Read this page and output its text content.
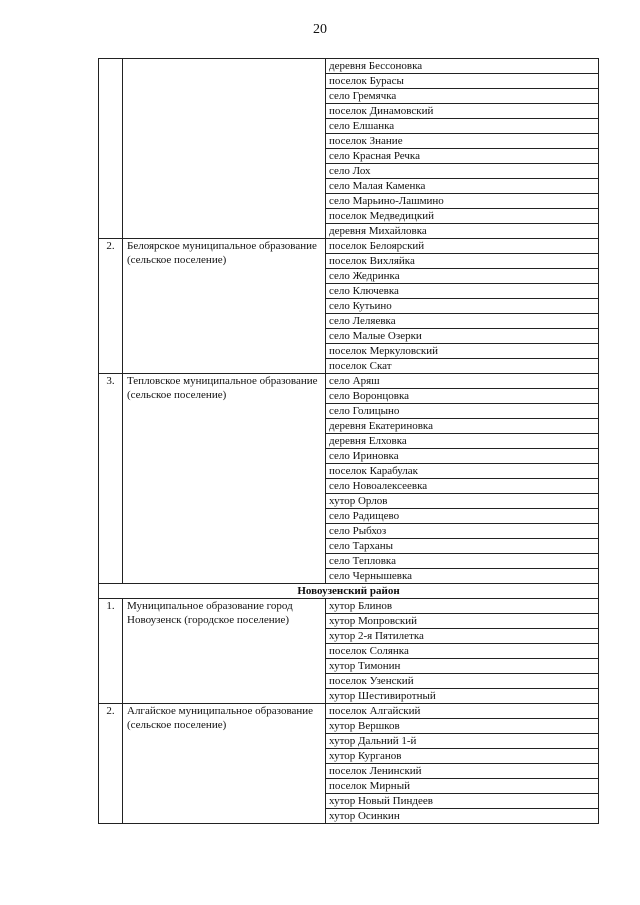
20
		деревня Бессоновка
		поселок Бурасы
		село Гремячка
		поселок Динамовский
		село Елшанка
		поселок Знание
		село Красная Речка
		село Лох
		село Малая Каменка
		село Марьино-Лашмино
		поселок Медведицкий
		деревня Михайловка
2.	Белоярское муниципальное образование (сельское поселение)	поселок Белоярский
		поселок Вихляйка
		село Жедринка
		село Ключевка
		село Кутьино
		село Леляевка
		село Малые Озерки
		поселок Меркуловский
		поселок Скат
3.	Тепловское муниципальное образование (сельское поселение)	село Аряш
		село Воронцовка
		село Голицыно
		деревня Екатериновка
		деревня Елховка
		село Ириновка
		поселок Карабулак
		село Новоалексеевка
		хутор Орлов
		село Радищево
		село Рыбхоз
		село Тарханы
		село Тепловка
		село Чернышевка
Новоузенский район		
1.	Муниципальное образование город Новоузенск (городское поселение)	хутор Блинов
		хутор Мопровский
		хутор 2-я Пятилетка
		поселок Солянка
		хутор Тимонин
		поселок Узенский
		хутор Шестивиротный
2.	Алгайское муниципальное образование (сельское поселение)	поселок Алгайский
		хутор Вершков
		хутор Дальний 1-й
		хутор Курганов
		поселок Ленинский
		поселок Мирный
		хутор Новый Пиндеев
		хутор Осинкин
